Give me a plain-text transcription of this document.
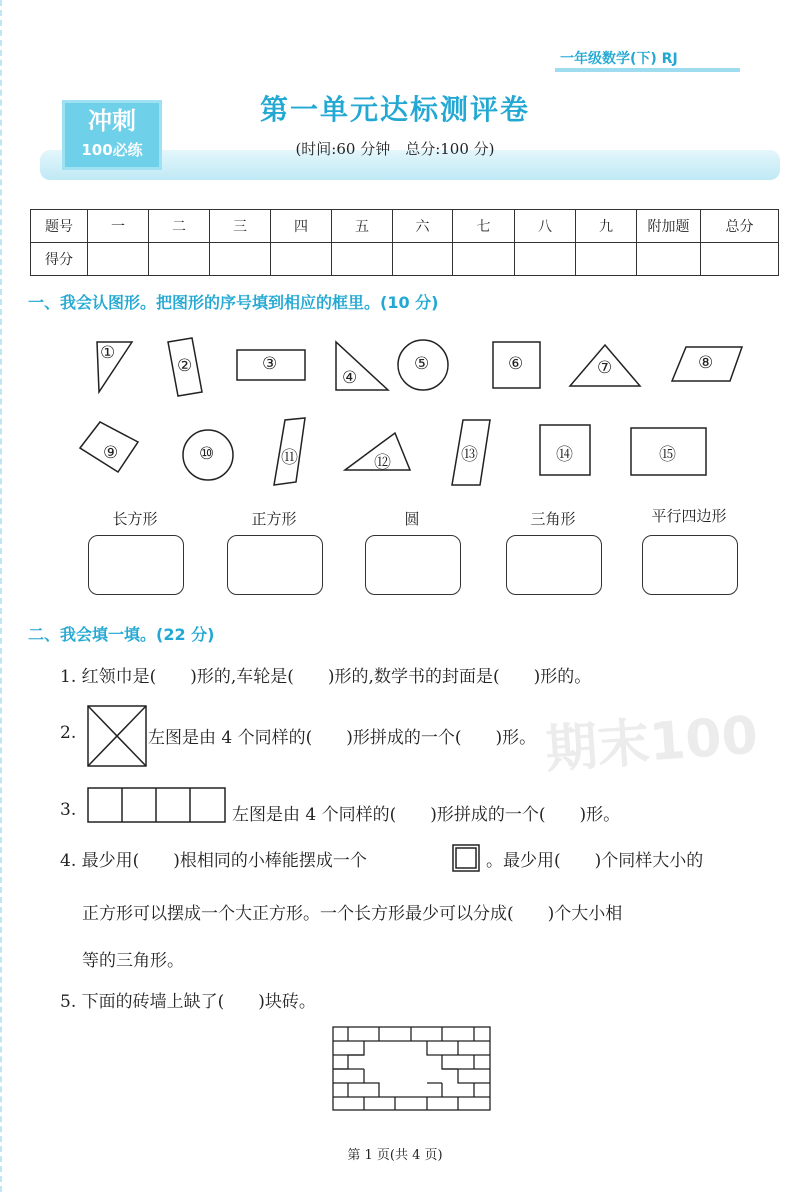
冲刺
100必练
一年级数学(下) RJ
第一单元达标测评卷
(时间:60 分钟　总分:100 分)
题号	一	二	三	四	五	六	七	八	九	附加题	总分
得分											
一、我会认图形。把图形的序号填到相应的框里。(10 分)
①
②	③
④
⑤	⑥	⑦	⑧
⑨	⑩	⑪	⑫	⑬	⑭	⑮
长方形	正方形	圆	三角形	平行四边形
期末100
二、我会填一填。(22 分)
1. 红领巾是(　　)形的,车轮是(　　)形的,数学书的封面是(　　)形的。
2.	左图是由 4 个同样的(　　)形拼成的一个(　　)形。
3.	左图是由 4 个同样的(　　)形拼成的一个(　　)形。
4. 最少用(　　)根相同的小棒能摆成一个	。最少用(　　)个同样大小的
正方形可以摆成一个大正方形。一个长方形最少可以分成(　　)个大小相
等的三角形。
5. 下面的砖墙上缺了(　　)块砖。
第 1 页(共 4 页)
